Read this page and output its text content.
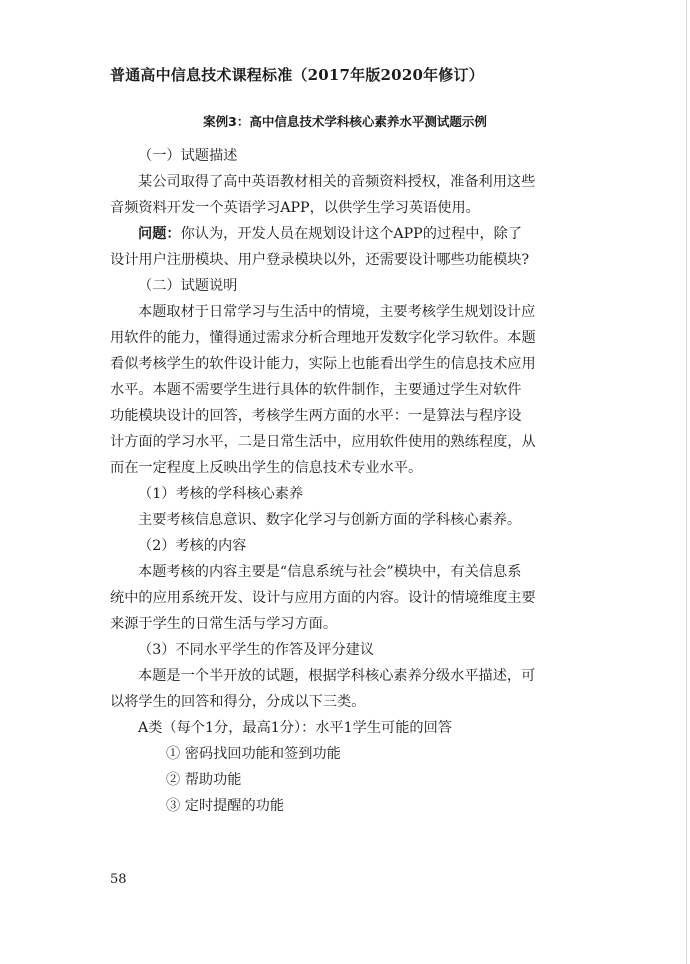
普通高中信息技术课程标准（2017年版2020年修订）
案例3：高中信息技术学科核心素养水平测试题示例
（一）试题描述
某公司取得了高中英语教材相关的音频资料授权，准备利用这些
音频资料开发一个英语学习APP，以供学生学习英语使用。
问题：你认为，开发人员在规划设计这个APP的过程中，除了
设计用户注册模块、用户登录模块以外，还需要设计哪些功能模块?
（二）试题说明
本题取材于日常学习与生活中的情境，主要考核学生规划设计应
用软件的能力，懂得通过需求分析合理地开发数字化学习软件。本题
看似考核学生的软件设计能力，实际上也能看出学生的信息技术应用
水平。本题不需要学生进行具体的软件制作，主要通过学生对软件
功能模块设计的回答，考核学生两方面的水平：一是算法与程序设
计方面的学习水平，二是日常生活中，应用软件使用的熟练程度，从
而在一定程度上反映出学生的信息技术专业水平。
（1）考核的学科核心素养
主要考核信息意识、数字化学习与创新方面的学科核心素养。
（2）考核的内容
本题考核的内容主要是“信息系统与社会”模块中，有关信息系
统中的应用系统开发、设计与应用方面的内容。设计的情境维度主要
来源于学生的日常生活与学习方面。
（3）不同水平学生的作答及评分建议
本题是一个半开放的试题，根据学科核心素养分级水平描述，可
以将学生的回答和得分，分成以下三类。
A类（每个1分，最高1分）：水平1学生可能的回答
① 密码找回功能和签到功能
② 帮助功能
③ 定时提醒的功能
58
